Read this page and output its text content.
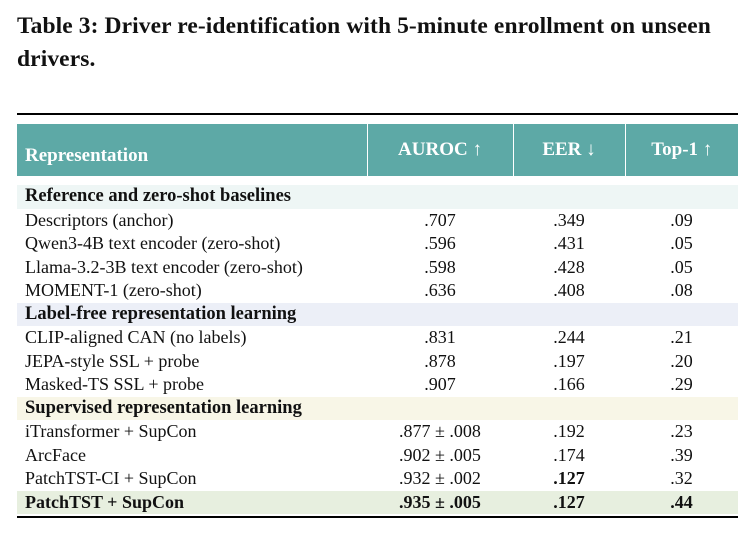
Table 3: Driver re-identification with 5-minute enrollment on unseen drivers.
Representation	AUROC ↑	EER ↓	Top-1 ↑

Reference and zero-shot baselines			
Descriptors (anchor)	.707	.349	.09
Qwen3-4B text encoder (zero-shot)	.596	.431	.05
Llama-3.2-3B text encoder (zero-shot)	.598	.428	.05
MOMENT-1 (zero-shot)	.636	.408	.08
Label-free representation learning			
CLIP-aligned CAN (no labels)	.831	.244	.21
JEPA-style SSL + probe	.878	.197	.20
Masked-TS SSL + probe	.907	.166	.29
Supervised representation learning			
iTransformer + SupCon	.877 ± .008	.192	.23
ArcFace	.902 ± .005	.174	.39
PatchTST-CI + SupCon	.932 ± .002	.127	.32
PatchTST + SupCon	.935 ± .005	.127	.44
